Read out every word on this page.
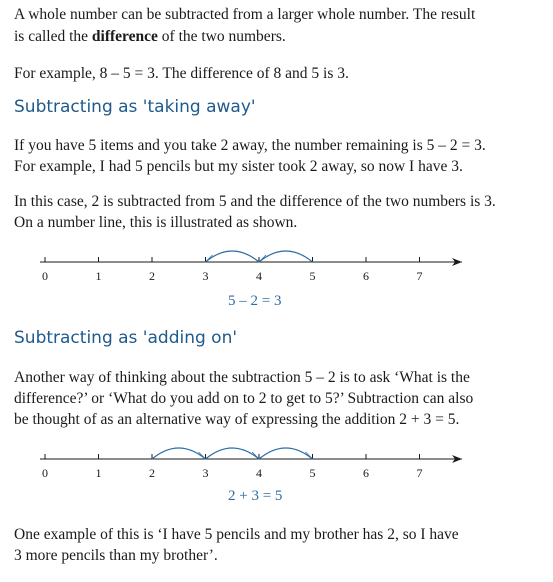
A whole number can be subtracted from a larger whole number. The result

is called the difference of the two numbers.

For example, 8 – 5 = 3. The difference of 8 and 5 is 3.

Subtracting as 'taking away'

If you have 5 items and you take 2 away, the number remaining is 5 – 2 = 3.

For example, I had 5 pencils but my sister took 2 away, so now I have 3.

In this case, 2 is subtracted from 5 and the difference of the two numbers is 3.

On a number line, this is illustrated as shown.

0	1	2	3	4	5	6	7
5 – 2 = 3
Subtracting as 'adding on'

Another way of thinking about the subtraction 5 – 2 is to ask ‘What is the

difference?’ or ‘What do you add on to 2 to get to 5?’ Subtraction can also

be thought of as an alternative way of expressing the addition 2 + 3 = 5.

0	1	2	3	4	5	6	7
2 + 3 = 5

One example of this is ‘I have 5 pencils and my brother has 2, so I have

3 more pencils than my brother’.
